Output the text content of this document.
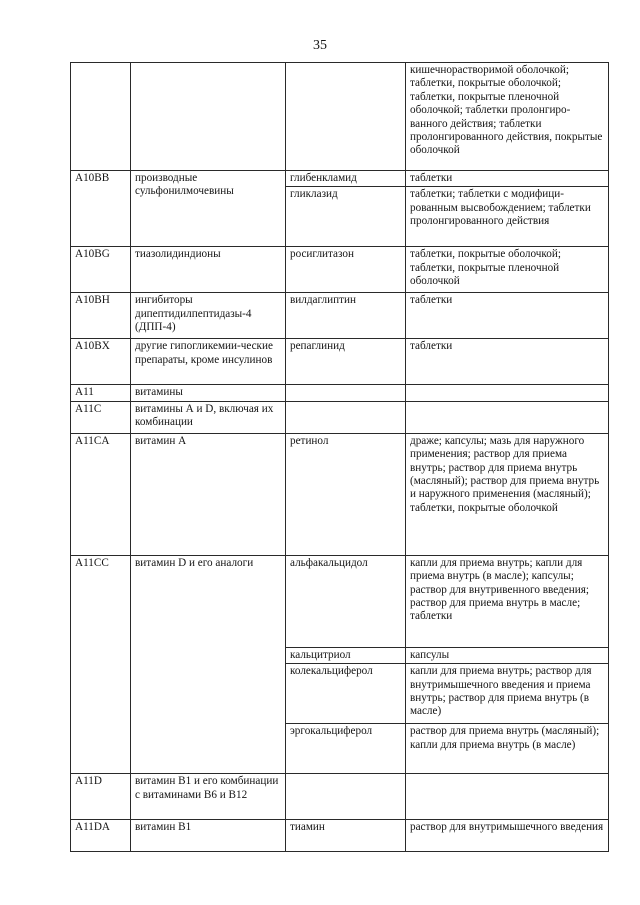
35
			кишечнорастворимой оболочкой; таблетки, покрытые оболочкой; таблетки, покрытые пленочной оболочкой; таблетки пролонгиро-ванного действия; таблетки пролонгированного действия, покрытые оболочкой
A10BB	производные сульфонилмочевины	глибенкламид	таблетки
		гликлазид	таблетки; таблетки с модифици-рованным высвобождением; таблетки пролонгированного действия
A10BG	тиазолидиндионы	росиглитазон	таблетки, покрытые оболочкой; таблетки, покрытые пленочной оболочкой
A10BH	ингибиторы дипептидилпептидазы-4 (ДПП-4)	вилдаглиптин	таблетки
A10BX	другие гипогликемии-ческие препараты, кроме инсулинов	репаглинид	таблетки
A11	витамины		
A11C	витамины А и D, включая их комбинации		
A11CA	витамин А	ретинол	драже; капсулы; мазь для наружного применения; раствор для приема внутрь; раствор для приема внутрь (масляный); раствор для приема внутрь и наружного применения (масляный); таблетки, покрытые оболочкой
A11CC	витамин D и его аналоги	альфакальцидол	капли для приема внутрь; капли для приема внутрь (в масле); капсулы; раствор для внутривенного введения; раствор для приема внутрь в масле; таблетки
		кальцитриол	капсулы
		колекальциферол	капли для приема внутрь; раствор для внутримышечного введения и приема внутрь; раствор для приема внутрь (в масле)
		эргокальциферол	раствор для приема внутрь (масляный); капли для приема внутрь (в масле)
A11D	витамин В1 и его комбинации с витаминами В6 и В12		
A11DA	витамин В1	тиамин	раствор для внутримышечного введения
